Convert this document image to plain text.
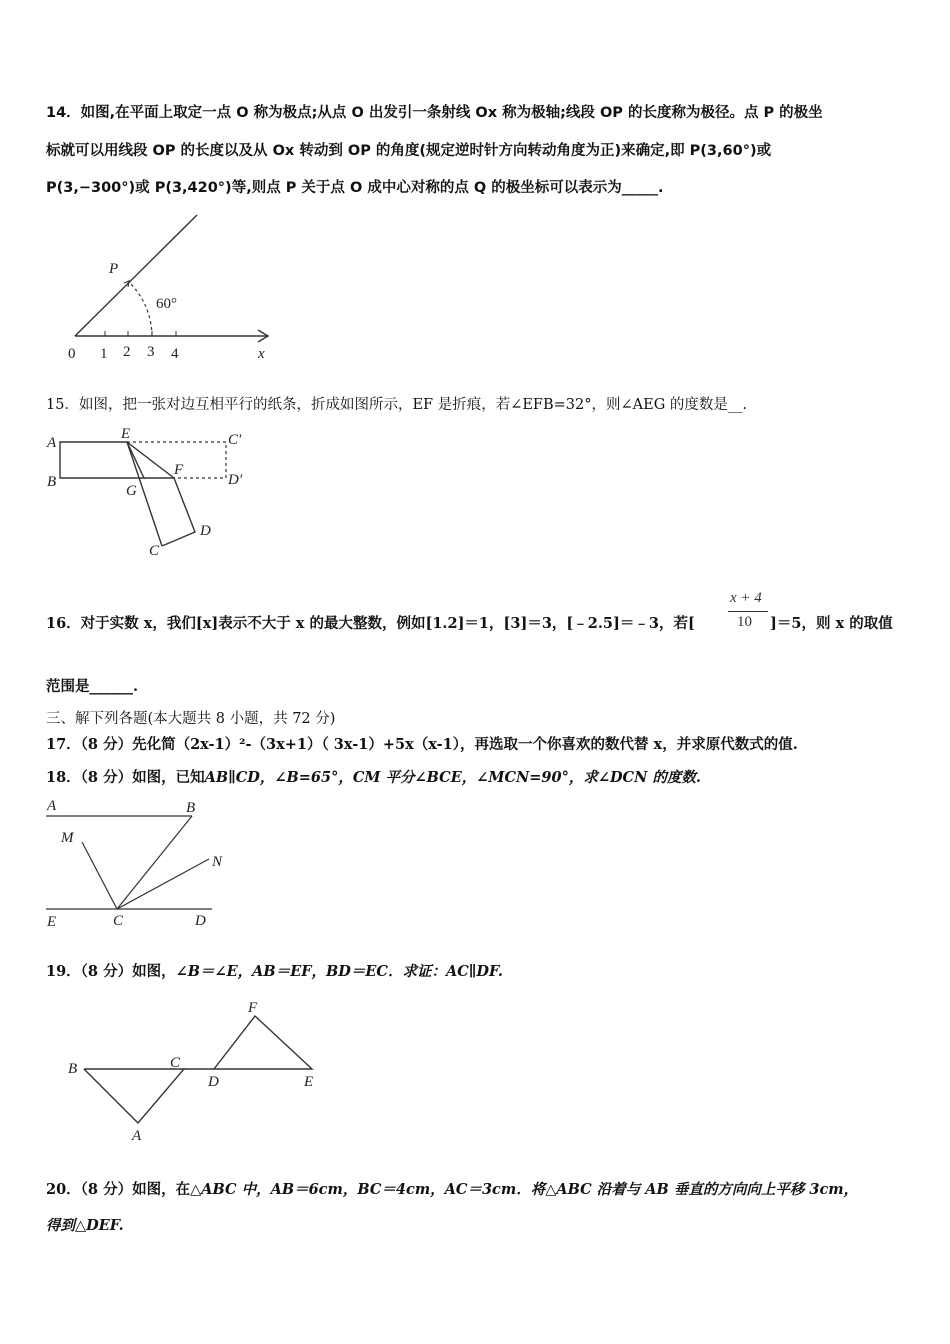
14．如图,在平面上取定一点 O 称为极点;从点 O 出发引一条射线 Ox 称为极轴;线段 OP 的长度称为极径。点 P 的极坐
标就可以用线段 OP 的长度以及从 Ox 转动到 OP 的角度(规定逆时针方向转动角度为正)来确定,即 P(3,60°)或
P(3,−300°)或 P(3,420°)等,则点 P 关于点 O 成中心对称的点 Q 的极坐标可以表示为_____.
P
60°
0 1 2 3 4	x
15．如图，把一张对边互相平行的纸条，折成如图所示，EF 是折痕，若∠EFB=32°，则∠AEG 的度数是__.
A
E	C′
B
F
D′
G
D
C
16．对于实数 x，我们[x]表示不大于 x 的最大整数，例如[1.2]＝1，[3]＝3，[﹣2.5]＝﹣3，若[
x + 4
10 ]＝5，则 x 的取值
范围是______.
三、解下列各题(本大题共 8 小题，共 72 分)
17．（8 分）先化简（2x-1）²-（3x+1）（ 3x-1）+5x（x-1），再选取一个你喜欢的数代替 x，并求原代数式的值.
18．（8 分）如图，已知AB∥CD，∠B=65°，CM 平分∠BCE，∠MCN=90°，求∠DCN 的度数.
A	B
M
N
E	C	D
19．（8 分）如图，∠B＝∠E，AB＝EF，BD＝EC．求证：AC∥DF.
B	C
A
F
D	E
20．（8 分）如图，在△ABC 中，AB＝6cm，BC＝4cm，AC＝3cm．将△ABC 沿着与 AB 垂直的方向向上平移 3cm，
得到△DEF.
